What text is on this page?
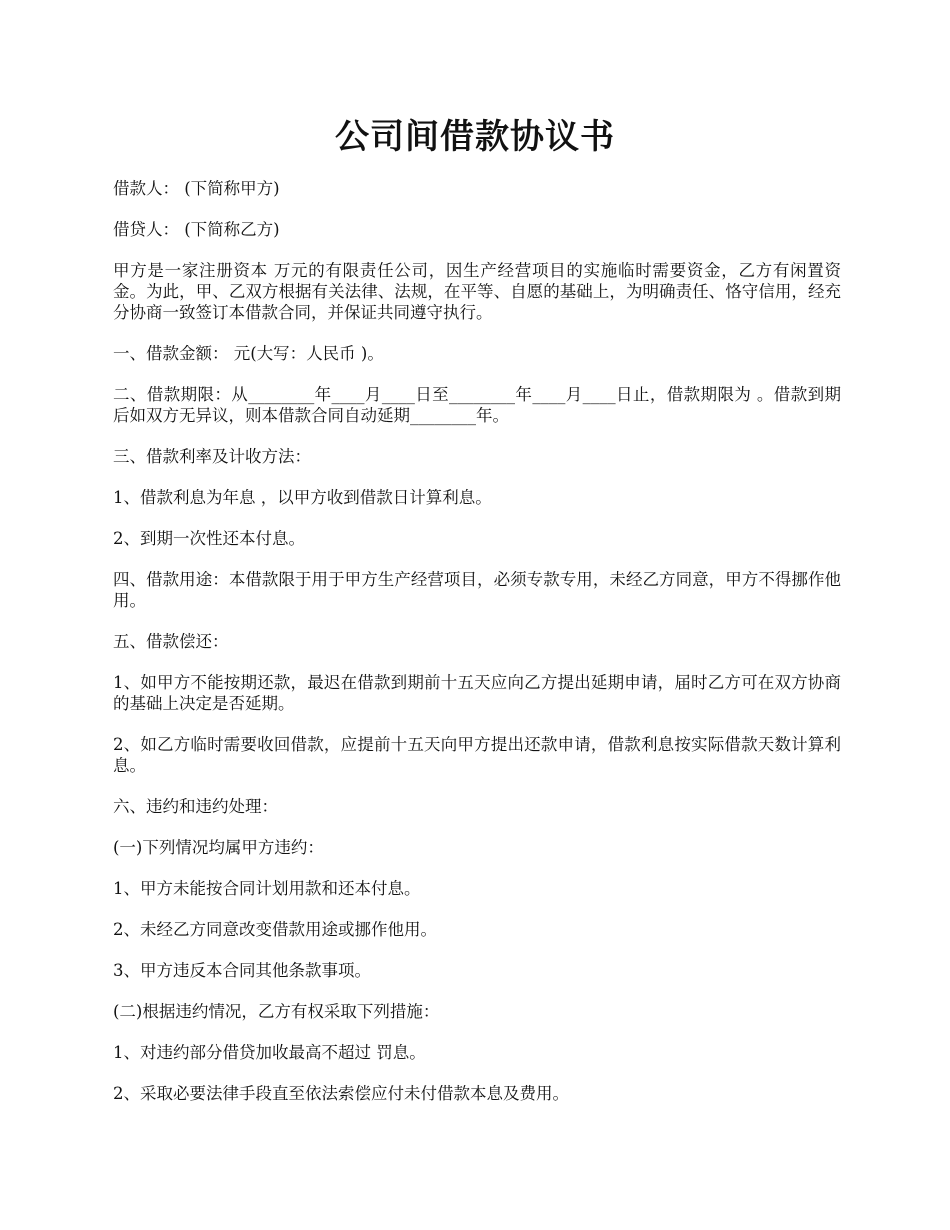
公司间借款协议书

借款人： (下简称甲方)

借贷人： (下简称乙方)

甲方是一家注册资本 万元的有限责任公司，因生产经营项目的实施临时需要资金，乙方有闲置资金。为此，甲、乙双方根据有关法律、法规，在平等、自愿的基础上，为明确责任、恪守信用，经充分协商一致签订本借款合同，并保证共同遵守执行。

一、借款金额： 元(大写：人民币 )。

二、借款期限：从________年____月____日至________年____月____日止，借款期限为 。借款到期后如双方无异议，则本借款合同自动延期________年。

三、借款利率及计收方法：

1、借款利息为年息 ，以甲方收到借款日计算利息。

2、到期一次性还本付息。

四、借款用途：本借款限于用于甲方生产经营项目，必须专款专用，未经乙方同意，甲方不得挪作他用。

五、借款偿还：

1、如甲方不能按期还款，最迟在借款到期前十五天应向乙方提出延期申请，届时乙方可在双方协商的基础上决定是否延期。

2、如乙方临时需要收回借款，应提前十五天向甲方提出还款申请，借款利息按实际借款天数计算利息。

六、违约和违约处理：

(一)下列情况均属甲方违约：

1、甲方未能按合同计划用款和还本付息。

2、未经乙方同意改变借款用途或挪作他用。

3、甲方违反本合同其他条款事项。

(二)根据违约情况，乙方有权采取下列措施：

1、对违约部分借贷加收最高不超过 罚息。

2、采取必要法律手段直至依法索偿应付未付借款本息及费用。
